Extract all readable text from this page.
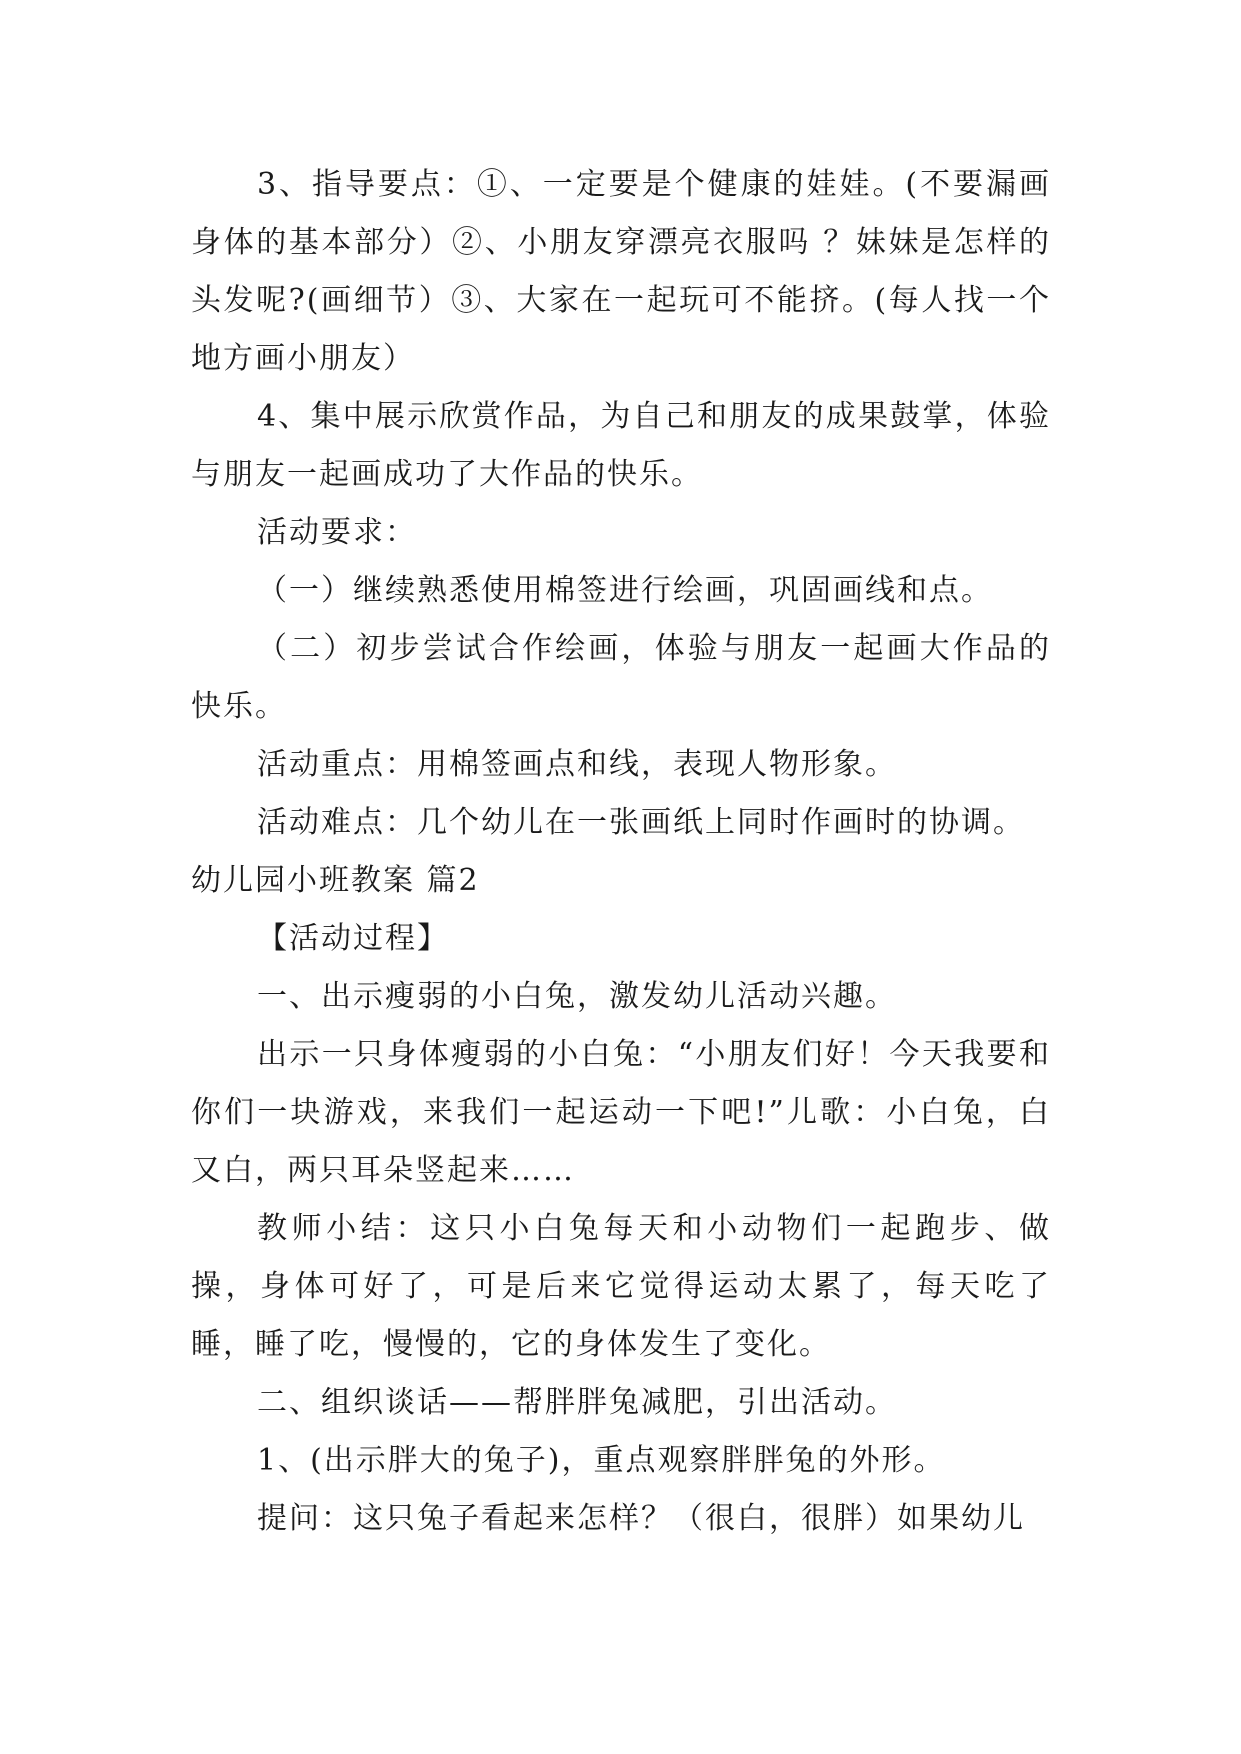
3、指导要点：①、一定要是个健康的娃娃。(不要漏画身体的基本部分）②、小朋友穿漂亮衣服吗 ？妹妹是怎样的头发呢?(画细节）③、大家在一起玩可不能挤。(每人找一个地方画小朋友）

4、集中展示欣赏作品，为自己和朋友的成果鼓掌，体验与朋友一起画成功了大作品的快乐。

活动要求：

（一）继续熟悉使用棉签进行绘画，巩固画线和点。

（二）初步尝试合作绘画，体验与朋友一起画大作品的快乐。

活动重点：用棉签画点和线，表现人物形象。

活动难点：几个幼儿在一张画纸上同时作画时的协调。

幼儿园小班教案 篇2

【活动过程】

一、出示瘦弱的小白兔，激发幼儿活动兴趣。

出示一只身体瘦弱的小白兔：“小朋友们好！今天我要和你们一块游戏，来我们一起运动一下吧!”儿歌：小白兔，白又白，两只耳朵竖起来……

教师小结：这只小白兔每天和小动物们一起跑步、做操，身体可好了，可是后来它觉得运动太累了，每天吃了睡，睡了吃，慢慢的，它的身体发生了变化。

二、组织谈话——帮胖胖兔减肥，引出活动。

1、(出示胖大的兔子)，重点观察胖胖兔的外形。

提问：这只兔子看起来怎样？（很白，很胖）如果幼儿
